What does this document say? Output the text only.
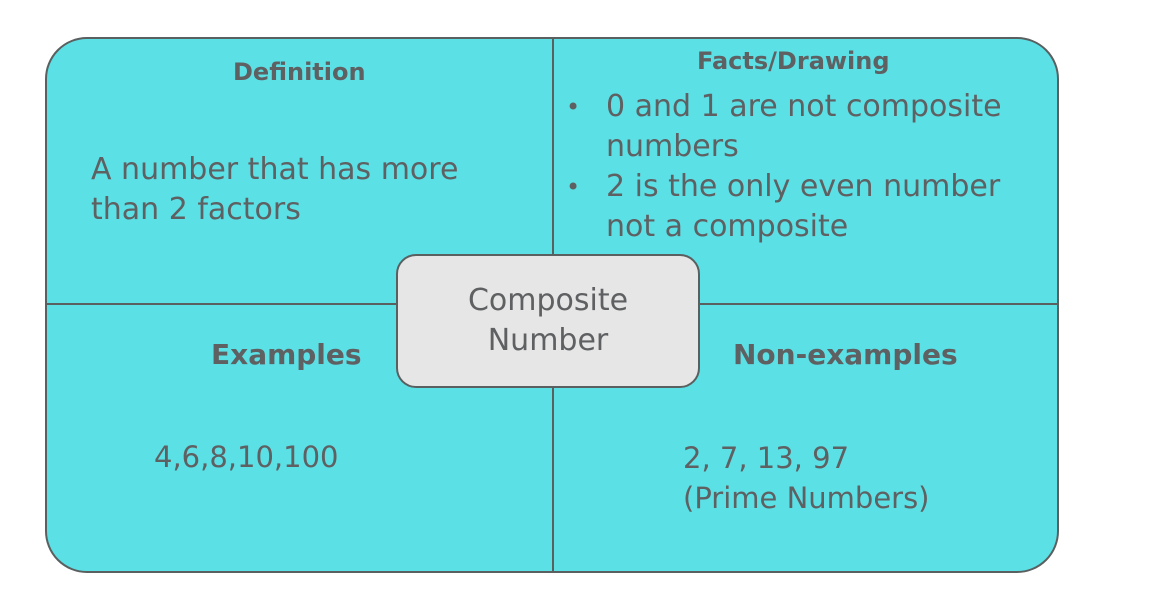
Definition
A number that has more than 2 factors
Facts/Drawing
• 0 and 1 are not composite numbers
• 2 is the only even number not a composite
Examples
4,6,8,10,100
Non-examples
2, 7, 13, 97
(Prime Numbers)
Composite
Number
